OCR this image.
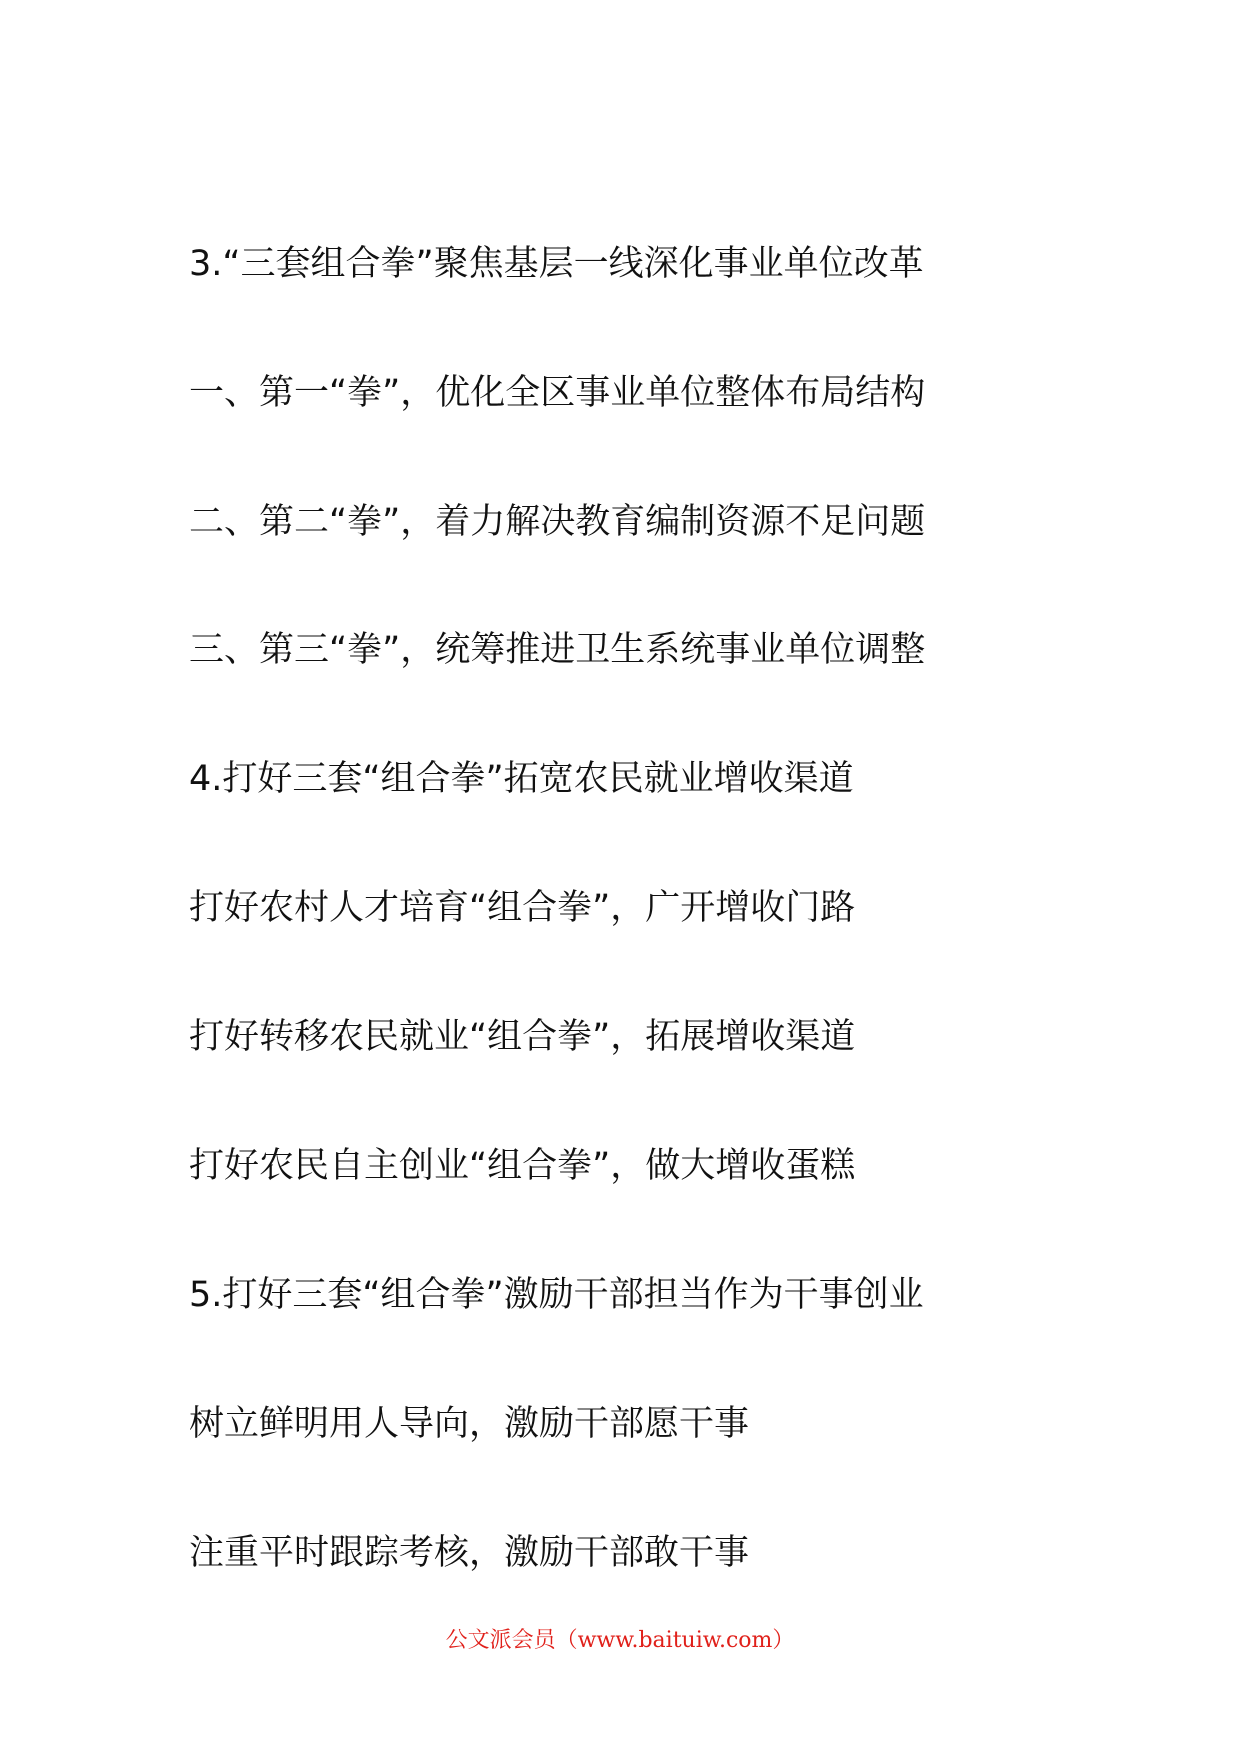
3.“三套组合拳”聚焦基层一线深化事业单位改革
一、第一“拳”，优化全区事业单位整体布局结构
二、第二“拳”，着力解决教育编制资源不足问题
三、第三“拳”，统筹推进卫生系统事业单位调整
4.打好三套“组合拳”拓宽农民就业增收渠道
打好农村人才培育“组合拳”，广开增收门路
打好转移农民就业“组合拳”，拓展增收渠道
打好农民自主创业“组合拳”，做大增收蛋糕
5.打好三套“组合拳”激励干部担当作为干事创业
树立鲜明用人导向，激励干部愿干事
注重平时跟踪考核，激励干部敢干事
公文派会员（www.baituiw.com）
